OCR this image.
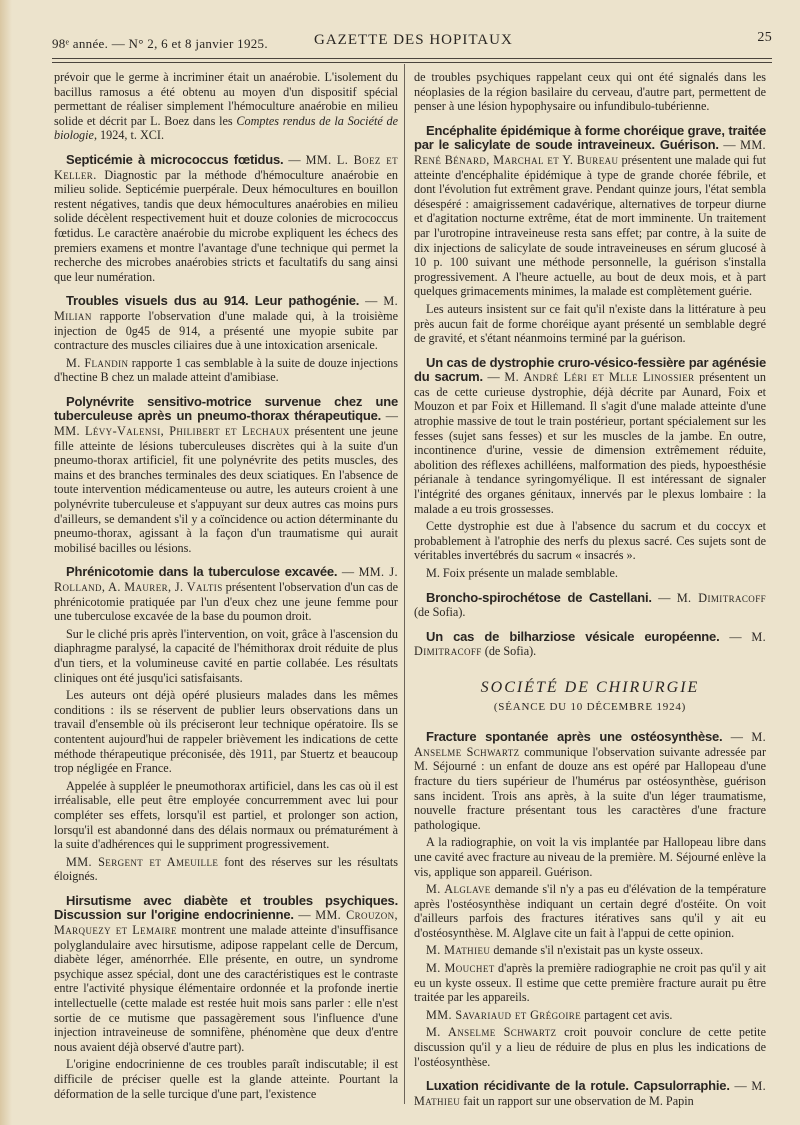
98ᵉ année. — N° 2, 6 et 8 janvier 1925.	GAZETTE DES HOPITAUX	25

prévoir que le germe à incriminer était un anaérobie. L'isolement du bacillus ramosus a été obtenu au moyen d'un dispositif spécial permettant de réaliser simplement l'hémoculture anaérobie en milieu solide et décrit par L. Boez dans les Comptes rendus de la Société de biologie, 1924, t. XCI.

Septicémie à micrococcus fœtidus. — MM. L. Boez et Keller. Diagnostic par la méthode d'hémoculture anaérobie en milieu solide. Septicémie puerpérale. Deux hémocultures en bouillon restent négatives, tandis que deux hémocultures anaérobies en milieu solide décèlent respectivement huit et douze colonies de micrococcus fœtidus. Le caractère anaérobie du microbe expliquent les échecs des premiers examens et montre l'avantage d'une technique qui permet la recherche des microbes anaérobies stricts et facultatifs du sang ainsi que leur numération.

Troubles visuels dus au 914. Leur pathogénie. — M. Milian rapporte l'observation d'une malade qui, à la troisième injection de 0g45 de 914, a présenté une myopie subite par contracture des muscles ciliaires due à une intoxication arsenicale.

M. Flandin rapporte 1 cas semblable à la suite de douze injections d'hectine B chez un malade atteint d'amibiase.

Polynévrite sensitivo-motrice survenue chez une tuberculeuse après un pneumo-thorax thérapeutique. — MM. Lévy-Valensi, Philibert et Lechaux présentent une jeune fille atteinte de lésions tuberculeuses discrètes qui à la suite d'un pneumo-thorax artificiel, fit une polynévrite des petits muscles, des mains et des branches terminales des deux sciatiques. En l'absence de toute intervention médicamenteuse ou autre, les auteurs croient à une polynévrite tuberculeuse et s'appuyant sur deux autres cas moins purs d'ailleurs, se demandent s'il y a coïncidence ou action déterminante du pneumo-thorax, agissant à la façon d'un traumatisme qui aurait mobilisé bacilles ou lésions.

Phrénicotomie dans la tuberculose excavée. — MM. J. Rolland, A. Maurer, J. Valtis présentent l'observation d'un cas de phrénicotomie pratiquée par l'un d'eux chez une jeune femme pour une tuberculose excavée de la base du poumon droit.

Sur le cliché pris après l'intervention, on voit, grâce à l'ascension du diaphragme paralysé, la capacité de l'hémithorax droit réduite de plus d'un tiers, et la volumineuse cavité en partie collabée. Les résultats cliniques ont été jusqu'ici satisfaisants.

Les auteurs ont déjà opéré plusieurs malades dans les mêmes conditions : ils se réservent de publier leurs observations dans un travail d'ensemble où ils préciseront leur technique opératoire. Ils se contentent aujourd'hui de rappeler brièvement les indications de cette méthode thérapeutique préconisée, dès 1911, par Stuertz et beaucoup trop négligée en France.

Appelée à suppléer le pneumothorax artificiel, dans les cas où il est irréalisable, elle peut être employée concurremment avec lui pour compléter ses effets, lorsqu'il est partiel, et prolonger son action, lorsqu'il est abandonné dans des délais normaux ou prématurément à la suite d'adhérences qui le suppriment progressivement.

MM. Sergent et Ameuille font des réserves sur les résultats éloignés.

Hirsutisme avec diabète et troubles psychiques. Discussion sur l'origine endocrinienne. — MM. Crouzon, Marquezy et Lemaire montrent une malade atteinte d'insuffisance polyglandulaire avec hirsutisme, adipose rappelant celle de Dercum, diabète léger, aménorrhée. Elle présente, en outre, un syndrome psychique assez spécial, dont une des caractéristiques est le contraste entre l'activité physique élémentaire ordonnée et la profonde inertie intellectuelle (cette malade est restée huit mois sans parler : elle n'est sortie de ce mutisme que passagèrement sous l'influence d'une injection intraveineuse de somnifène, phénomène que deux d'entre nous avaient déjà observé d'autre part).

L'origine endocrinienne de ces troubles paraît indiscutable; il est difficile de préciser quelle est la glande atteinte. Pourtant la déformation de la selle turcique d'une part, l'existence

de troubles psychiques rappelant ceux qui ont été signalés dans les néoplasies de la région basilaire du cerveau, d'autre part, permettent de penser à une lésion hypophysaire ou infundibulo-tubérienne.

Encéphalite épidémique à forme choréique grave, traitée par le salicylate de soude intraveineux. Guérison. — MM. René Bénard, Marchal et Y. Bureau présentent une malade qui fut atteinte d'encéphalite épidémique à type de grande chorée fébrile, et dont l'évolution fut extrêment grave. Pendant quinze jours, l'état sembla désespéré : amaigrissement cadavérique, alternatives de torpeur diurne et d'agitation nocturne extrême, état de mort imminente. Un traitement par l'urotropine intraveineuse resta sans effet; par contre, à la suite de dix injections de salicylate de soude intraveineuses en sérum glucosé à 10 p. 100 suivant une méthode personnelle, la guérison s'installa progressivement. A l'heure actuelle, au bout de deux mois, et à part quelques grimacements minimes, la malade est complètement guérie.

Les auteurs insistent sur ce fait qu'il n'existe dans la littérature à peu près aucun fait de forme choréique ayant présenté un semblable degré de gravité, et s'étant néanmoins terminé par la guérison.

Un cas de dystrophie cruro-vésico-fessière par agénésie du sacrum. — M. André Léri et Mlle Linossier présentent un cas de cette curieuse dystrophie, déjà décrite par Aunard, Foix et Mouzon et par Foix et Hillemand. Il s'agit d'une malade atteinte d'une atrophie massive de tout le train postérieur, portant spécialement sur les fesses (sujet sans fesses) et sur les muscles de la jambe. En outre, incontinence d'urine, vessie de dimension extrêmement réduite, abolition des réflexes achilléens, malformation des pieds, hypoesthésie périanale à tendance syringomyélique. Il est intéressant de signaler l'intégrité des organes génitaux, innervés par le plexus lombaire : la malade a eu trois grossesses.

Cette dystrophie est due à l'absence du sacrum et du coccyx et probablement à l'atrophie des nerfs du plexus sacré. Ces sujets sont de véritables invertébrés du sacrum « insacrés ».

M. Foix présente un malade semblable.

Broncho-spirochétose de Castellani. — M. Dimitracoff (de Sofia).

Un cas de bilharziose vésicale européenne. — M. Dimitracoff (de Sofia).

SOCIÉTÉ DE CHIRURGIE

(SÉANCE DU 10 DÉCEMBRE 1924)

Fracture spontanée après une ostéosynthèse. — M. Anselme Schwartz communique l'observation suivante adressée par M. Séjourné : un enfant de douze ans est opéré par Hallopeau d'une fracture du tiers supérieur de l'humérus par ostéosynthèse, guérison sans incident. Trois ans après, à la suite d'un léger traumatisme, nouvelle fracture présentant tous les caractères d'une fracture pathologique.

A la radiographie, on voit la vis implantée par Hallopeau libre dans une cavité avec fracture au niveau de la première. M. Séjourné enlève la vis, applique son appareil. Guérison.

M. Alglave demande s'il n'y a pas eu d'élévation de la température après l'ostéosynthèse indiquant un certain degré d'ostéite. On voit d'ailleurs parfois des fractures itératives sans qu'il y ait eu d'ostéosynthèse. M. Alglave cite un fait à l'appui de cette opinion.

M. Mathieu demande s'il n'existait pas un kyste osseux.

M. Mouchet d'après la première radiographie ne croit pas qu'il y ait eu un kyste osseux. Il estime que cette première fracture aurait pu être traitée par les appareils.

MM. Savariaud et Grégoire partagent cet avis.

M. Anselme Schwartz croit pouvoir conclure de cette petite discussion qu'il y a lieu de réduire de plus en plus les indications de l'ostéosynthèse.

Luxation récidivante de la rotule. Capsulorraphie. — M. Mathieu fait un rapport sur une observation de M. Papin
